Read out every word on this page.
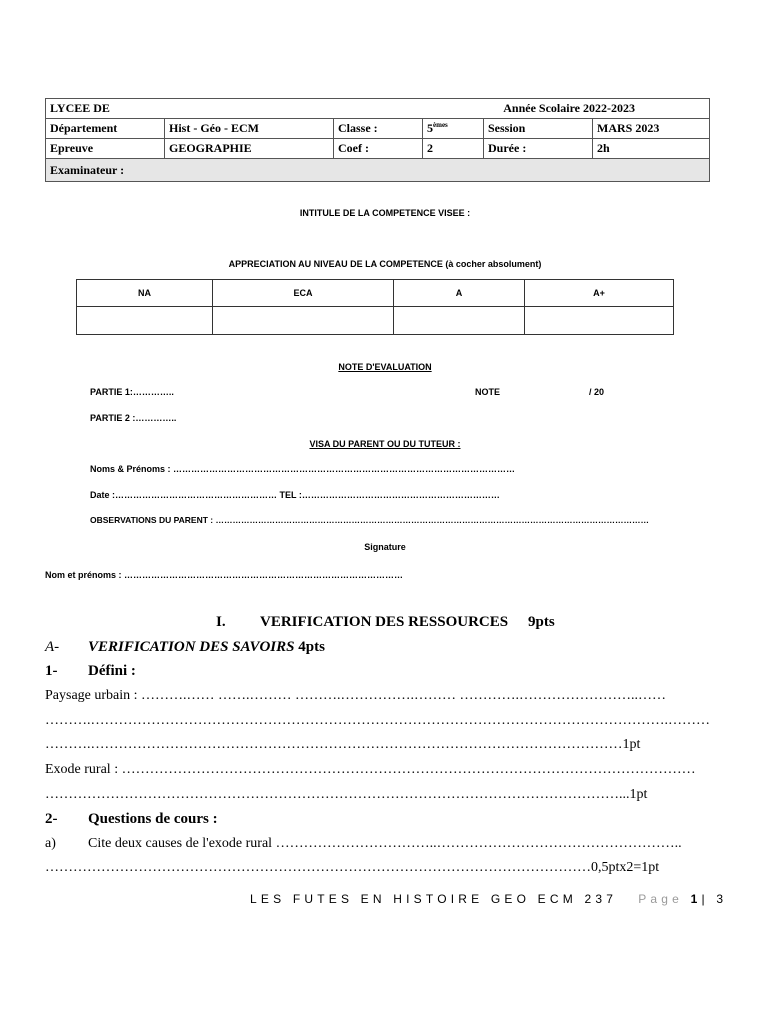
LYCEE DE			Année Scolaire 2022-2023		
Département	Hist - Géo - ECM	Classe :	5èmes	Session	MARS 2023
Epreuve	GEOGRAPHIE	Coef :	2	Durée :	2h
Examinateur :					
INTITULE DE LA COMPETENCE VISEE :
APPRECIATION AU NIVEAU DE LA COMPETENCE (à cocher absolument)
NA	ECA	A	A+

NOTE D'EVALUATION
PARTIE 1:…………..	NOTE	/ 20
PARTIE 2 :…………..
VISA DU PARENT OU DU TUTEUR :
Noms & Prénoms : ……………………………………………………………………………………………………
Date :……………………………………………… TEL :…………………………………………………………
OBSERVATIONS DU PARENT : ………………………………………………………………………………………………………………………………………
Signature
Nom et prénoms : …………………………………………………………………………………
I. VERIFICATION DES RESSOURCES 9pts
A- VERIFICATION DES SAVOIRS 4pts
1- Défini :
Paysage urbain : ……….…… …….……… ……….…………….……… ………….……………………..……
……….…………………………………………………………………………………………………………….………
……….……………………………………………………………………………………………………1pt
Exode rural : ……………………………………………………………………………………………………………
……………………………………………………………………………………………………………...1pt
2- Questions de cours :
a) Cite deux causes de l'exode rural ……………………………..……………………………………………..
………………………………………………………………………………………………………0,5ptx2=1pt
LES FUTES EN HISTOIRE GEO ECM 237 Page 1| 3
